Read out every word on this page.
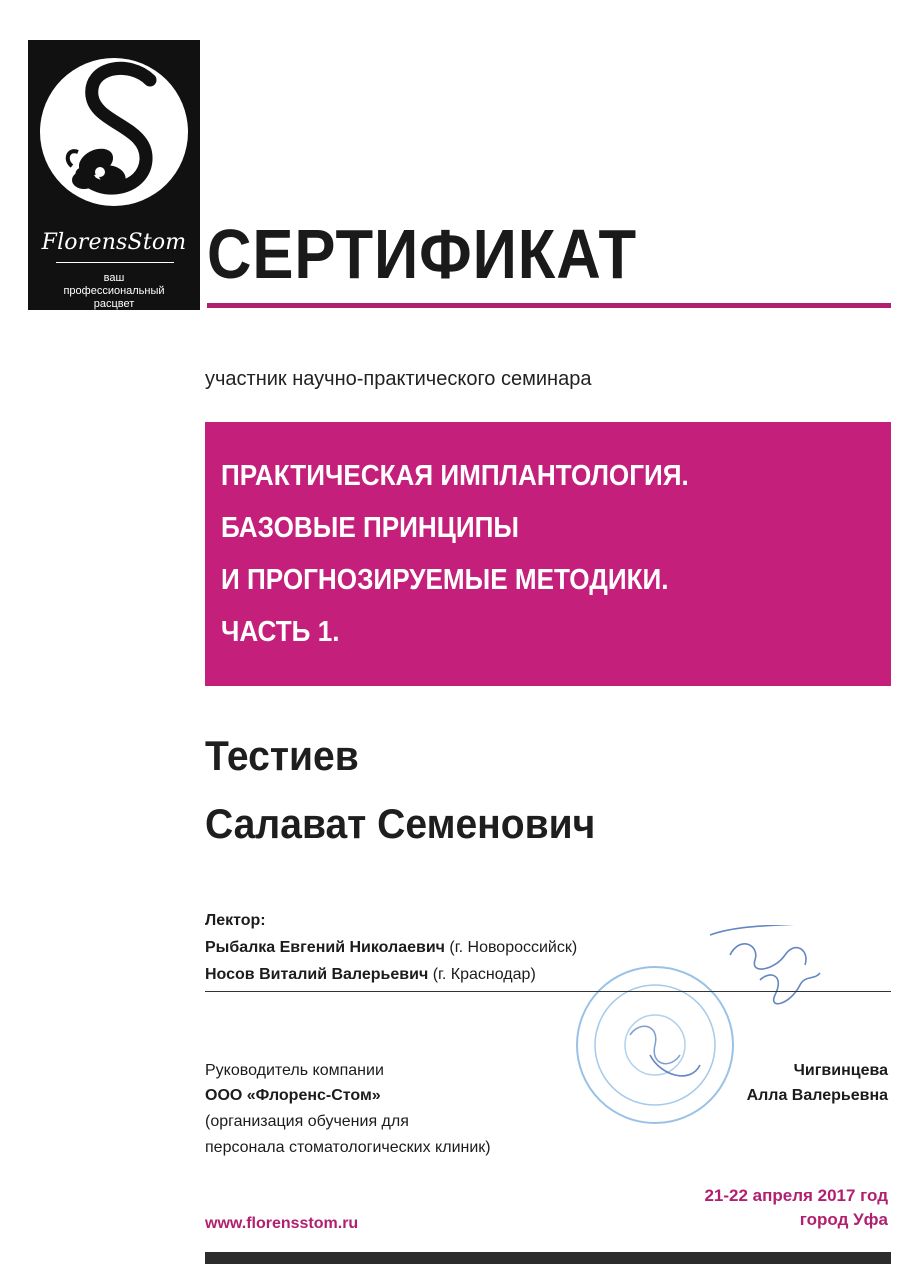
FlorensStom
ваш
профессиональный
расцвет
СЕРТИФИКАТ
участник научно-практического семинара
ПРАКТИЧЕСКАЯ ИМПЛАНТОЛОГИЯ.
БАЗОВЫЕ ПРИНЦИПЫ
И ПРОГНОЗИРУЕМЫЕ МЕТОДИКИ.
ЧАСТЬ 1.
Тестиев
Салават Семенович
Лектор:
Рыбалка Евгений Николаевич (г. Новороссийск)
Носов Виталий Валерьевич (г. Краснодар)
Руководитель компании
ООО «Флоренс-Стом»
(организация обучения для
персонала стоматологических клиник)
Чигвинцева
Алла Валерьевна
21-22 апреля 2017 год
город Уфа
www.florensstom.ru
